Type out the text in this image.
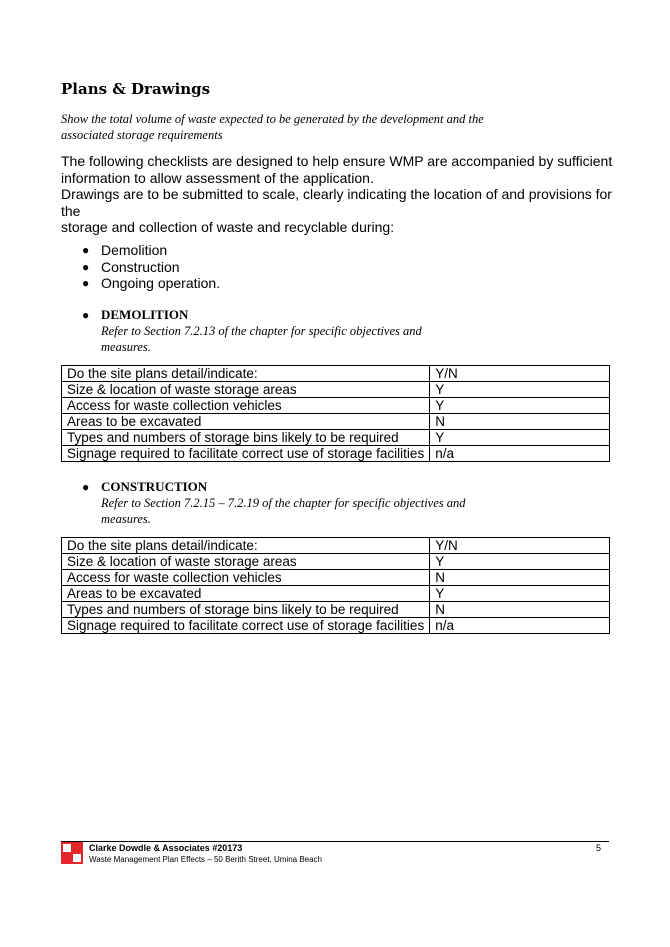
Plans & Drawings
Show the total volume of waste expected to be generated by the development and the
associated storage requirements
The following checklists are designed to help ensure WMP are accompanied by sufficient
information to allow assessment of the application.
Drawings are to be submitted to scale, clearly indicating the location of and provisions for
the
storage and collection of waste and recyclable during:
● Demolition
● Construction
● Ongoing operation.
● DEMOLITION
Refer to Section 7.2.13 of the chapter for specific objectives and
measures.
Do the site plans detail/indicate:	Y/N
Size & location of waste storage areas	Y
Access for waste collection vehicles	Y
Areas to be excavated	N
Types and numbers of storage bins likely to be required	Y
Signage required to facilitate correct use of storage facilities	n/a
● CONSTRUCTION
Refer to Section 7.2.15 – 7.2.19 of the chapter for specific objectives and
measures.
Do the site plans detail/indicate:	Y/N
Size & location of waste storage areas	Y
Access for waste collection vehicles	N
Areas to be excavated	Y
Types and numbers of storage bins likely to be required	N
Signage required to facilitate correct use of storage facilities	n/a
Clarke Dowdle & Associates #20173
Waste Management Plan Effects – 50 Berith Street, Umina Beach
5
